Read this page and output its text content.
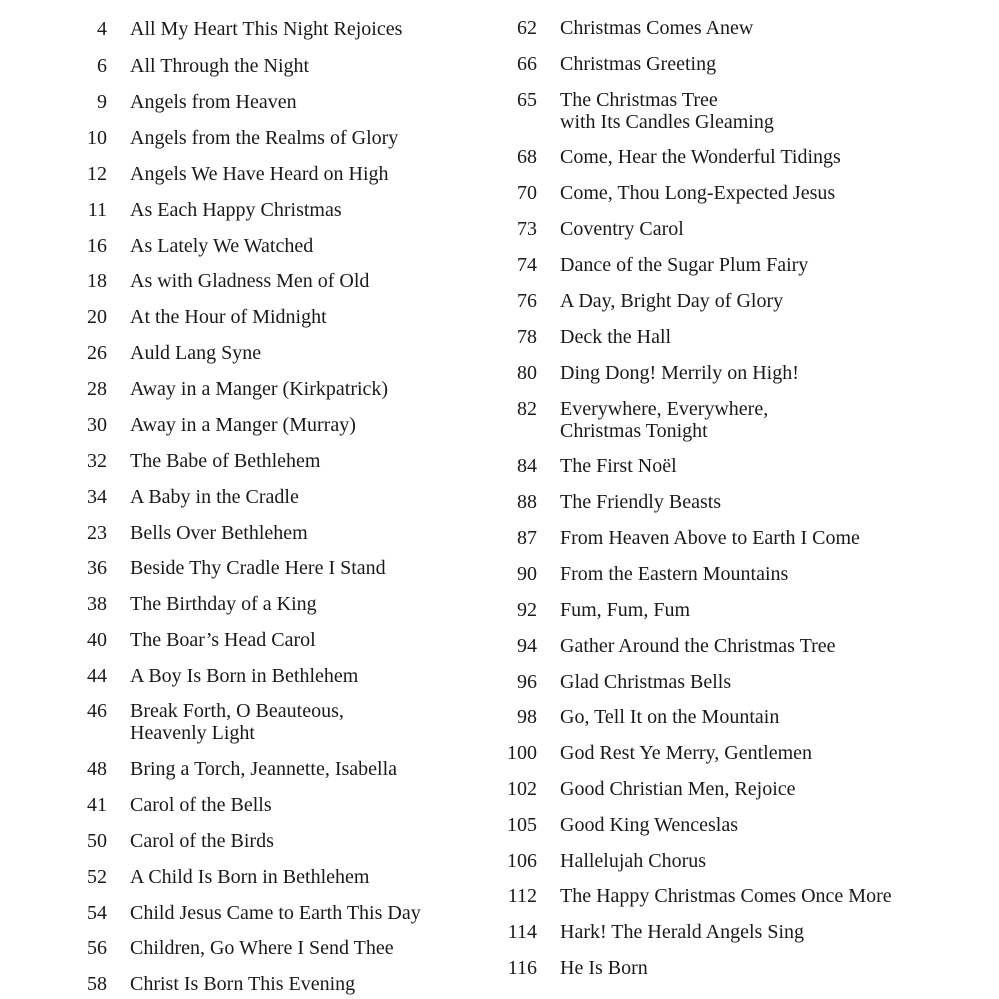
4 All My Heart This Night Rejoices
6 All Through the Night
9 Angels from Heaven
10 Angels from the Realms of Glory
12 Angels We Have Heard on High
11 As Each Happy Christmas
16 As Lately We Watched
18 As with Gladness Men of Old
20 At the Hour of Midnight
26 Auld Lang Syne
28 Away in a Manger (Kirkpatrick)
30 Away in a Manger (Murray)
32 The Babe of Bethlehem
34 A Baby in the Cradle
23 Bells Over Bethlehem
36 Beside Thy Cradle Here I Stand
38 The Birthday of a King
40 The Boar’s Head Carol
44 A Boy Is Born in Bethlehem
46 Break Forth, O Beauteous,
Heavenly Light
48 Bring a Torch, Jeannette, Isabella
41 Carol of the Bells
50 Carol of the Birds
52 A Child Is Born in Bethlehem
54 Child Jesus Came to Earth This Day
56 Children, Go Where I Send Thee
58 Christ Is Born This Evening
62 Christmas Comes Anew
66 Christmas Greeting
65 The Christmas Tree
with Its Candles Gleaming
68 Come, Hear the Wonderful Tidings
70 Come, Thou Long-Expected Jesus
73 Coventry Carol
74 Dance of the Sugar Plum Fairy
76 A Day, Bright Day of Glory
78 Deck the Hall
80 Ding Dong! Merrily on High!
82 Everywhere, Everywhere,
Christmas Tonight
84 The First Noël
88 The Friendly Beasts
87 From Heaven Above to Earth I Come
90 From the Eastern Mountains
92 Fum, Fum, Fum
94 Gather Around the Christmas Tree
96 Glad Christmas Bells
98 Go, Tell It on the Mountain
100 God Rest Ye Merry, Gentlemen
102 Good Christian Men, Rejoice
105 Good King Wenceslas
106 Hallelujah Chorus
112 The Happy Christmas Comes Once More
114 Hark! The Herald Angels Sing
116 He Is Born
